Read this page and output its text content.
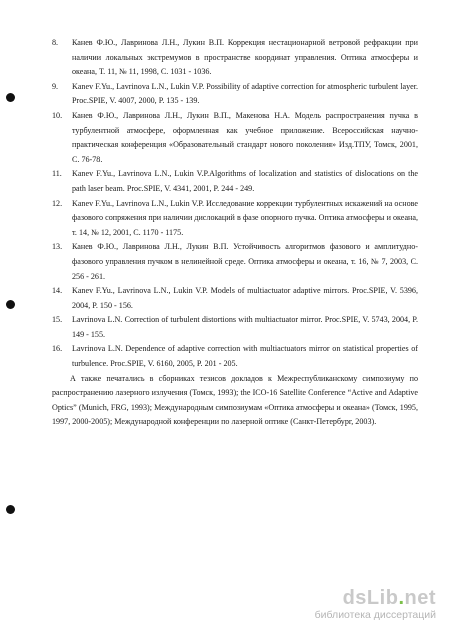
8. Канев Ф.Ю., Лавринова Л.Н., Лукин В.П. Коррекция нестационарной ветровой рефракции при наличии локальных экстремумов в пространстве координат управления. Оптика атмосферы и океана, Т. 11, № 11, 1998, С. 1031 - 1036.

9. Kanev F.Yu., Lavrinova L.N., Lukin V.P. Possibility of adaptive correction for atmospheric turbulent layer. Proc.SPIE, V. 4007, 2000, P. 135 - 139.

10. Канев Ф.Ю., Лавринова Л.Н., Лукин В.П., Макенова Н.А. Модель распространения пучка в турбулентной атмосфере, оформленная как учебное приложение. Всероссийская научно-практическая конференция «Образовательный стандарт нового поколения» Изд.ТПУ, Томск, 2001, С. 76-78.

11. Kanev F.Yu., Lavrinova L.N., Lukin V.P.Algorithms of localization and statistics of dislocations on the path laser beam. Proc.SPIE, V. 4341, 2001, P. 244 - 249.

12. Kanev F.Yu., Lavrinova L.N., Lukin V.P. Исследование коррекции турбулентных искажений на основе фазового сопряжения при наличии дислокаций в фазе опорного пучка. Оптика атмосферы и океана, т. 14, № 12, 2001, С. 1170 - 1175.

13. Канев Ф.Ю., Лавринова Л.Н., Лукин В.П. Устойчивость алгоритмов фазового и амплитудно-фазового управления пучком в нелинейной среде. Оптика атмосферы и океана, т. 16, № 7, 2003, С. 256 - 261.

14. Kanev F.Yu., Lavrinova L.N., Lukin V.P. Models of multiactuator adaptive mirrors. Proc.SPIE, V. 5396, 2004, P. 150 - 156.

15. Lavrinova L.N. Correction of turbulent distortions with multiactuator mirror. Proc.SPIE, V. 5743, 2004, P. 149 - 155.

16. Lavrinova L.N. Dependence of adaptive correction with multiactuators mirror on statistical properties of turbulence. Proc.SPIE, V. 6160, 2005, P. 201 - 205.

А также печатались в сборниках тезисов докладов к Межреспубликанскому симпозиуму по распространению лазерного излучения (Томск, 1993); the ICO-16 Satellite Conference “Active and Adaptive Optics” (Munich, FRG, 1993); Международным симпозиумам «Оптика атмосферы и океана» (Томск, 1995, 1997, 2000-2005); Международной конференции по лазерной оптике (Санкт-Петербург, 2003).

dsLib.net
библиотека диссертаций
